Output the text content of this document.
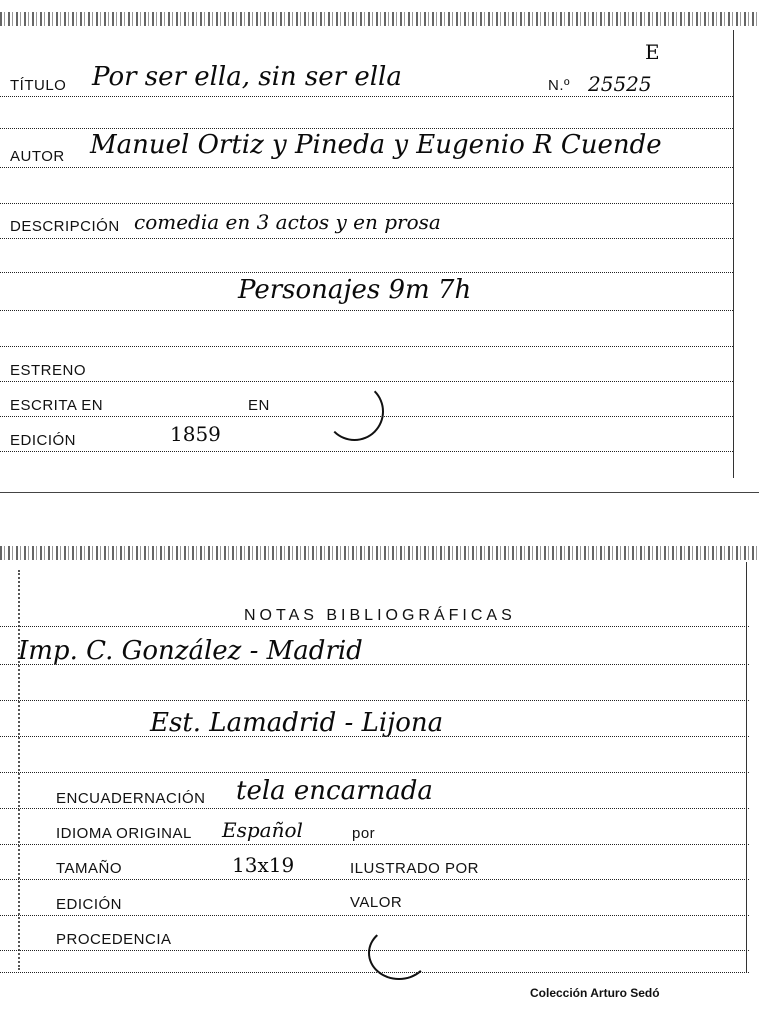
E
TÍTULO Por ser ella, sin ser ella	N.º 25525
AUTOR Manuel Ortiz y Pineda y Eugenio R Cuende
DESCRIPCIÓN comedia en 3 actos y en prosa
Personajes 9m 7h
ESTRENO
ESCRITA EN	EN
EDICIÓN	1859
NOTAS BIBLIOGRÁFICAS
Imp. C. González - Madrid
Est. Lamadrid - Lijona
ENCUADERNACIÓN tela encarnada
IDIOMA ORIGINAL Español	por
TAMAÑO	13x19	ILUSTRADO POR
EDICIÓN	VALOR
PROCEDENCIA
Colección Arturo Sedó
